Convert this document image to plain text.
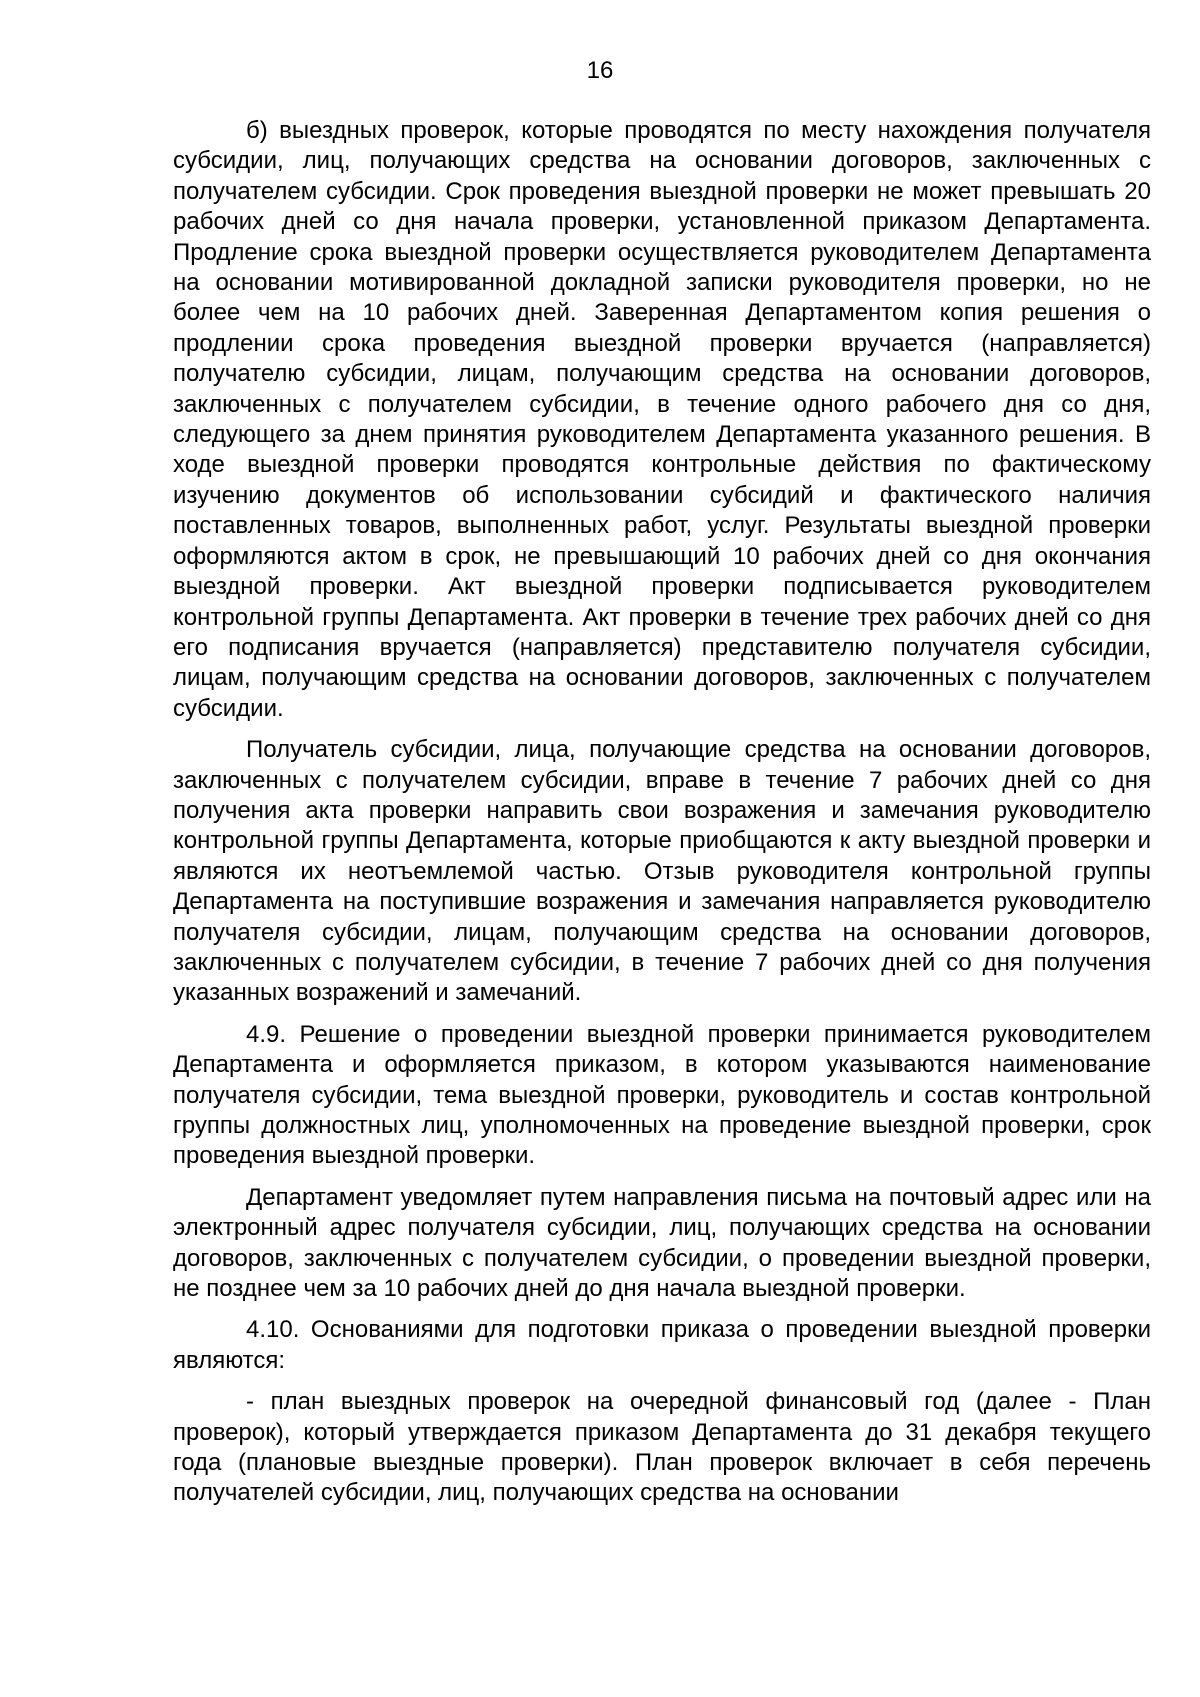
16

б) выездных проверок, которые проводятся по месту нахождения получателя субсидии, лиц, получающих средства на основании договоров, заключенных с получателем субсидии. Срок проведения выездной проверки не может превышать 20 рабочих дней со дня начала проверки, установленной приказом Департамента. Продление срока выездной проверки осуществляется руководителем Департамента на основании мотивированной докладной записки руководителя проверки, но не более чем на 10 рабочих дней. Заверенная Департаментом копия решения о продлении срока проведения выездной проверки вручается (направляется) получателю субсидии, лицам, получающим средства на основании договоров, заключенных с получателем субсидии, в течение одного рабочего дня со дня, следующего за днем принятия руководителем Департамента указанного решения. В ходе выездной проверки проводятся контрольные действия по фактическому изучению документов об использовании субсидий и фактического наличия поставленных товаров, выполненных работ, услуг. Результаты выездной проверки оформляются актом в срок, не превышающий 10 рабочих дней со дня окончания выездной проверки. Акт выездной проверки подписывается руководителем контрольной группы Департамента. Акт проверки в течение трех рабочих дней со дня его подписания вручается (направляется) представителю получателя субсидии, лицам, получающим средства на основании договоров, заключенных с получателем субсидии.

Получатель субсидии, лица, получающие средства на основании договоров, заключенных с получателем субсидии, вправе в течение 7 рабочих дней со дня получения акта проверки направить свои возражения и замечания руководителю контрольной группы Департамента, которые приобщаются к акту выездной проверки и являются их неотъемлемой частью. Отзыв руководителя контрольной группы Департамента на поступившие возражения и замечания направляется руководителю получателя субсидии, лицам, получающим средства на основании договоров, заключенных с получателем субсидии, в течение 7 рабочих дней со дня получения указанных возражений и замечаний.

4.9. Решение о проведении выездной проверки принимается руководителем Департамента и оформляется приказом, в котором указываются наименование получателя субсидии, тема выездной проверки, руководитель и состав контрольной группы должностных лиц, уполномоченных на проведение выездной проверки, срок проведения выездной проверки.

Департамент уведомляет путем направления письма на почтовый адрес или на электронный адрес получателя субсидии, лиц, получающих средства на основании договоров, заключенных с получателем субсидии, о проведении выездной проверки, не позднее чем за 10 рабочих дней до дня начала выездной проверки.

4.10. Основаниями для подготовки приказа о проведении выездной проверки являются:

- план выездных проверок на очередной финансовый год (далее - План проверок), который утверждается приказом Департамента до 31 декабря текущего года (плановые выездные проверки). План проверок включает в себя перечень получателей субсидии, лиц, получающих средства на основании
